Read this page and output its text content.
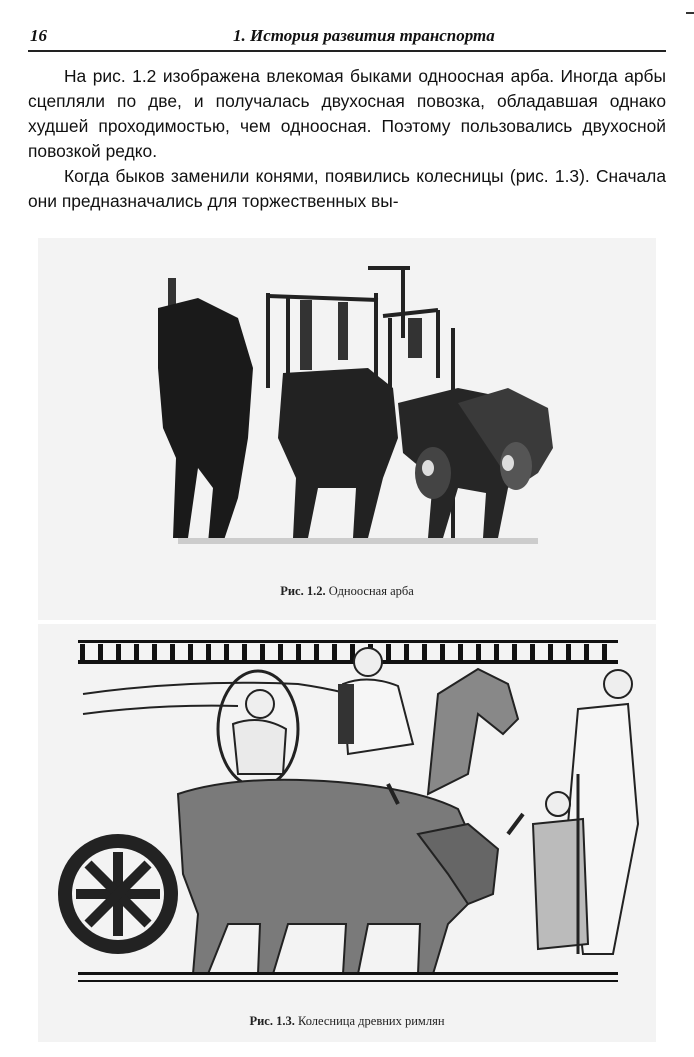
16	1. История развития транспорта

На рис. 1.2 изображена влекомая быками одноосная арба. Иногда арбы сцепляли по две, и получалась двухосная повозка, обладавшая однако худшей проходимостью, чем одноосная. Поэтому пользовались двухосной повозкой редко.

Когда быков заменили конями, появились колесницы (рис. 1.3). Сначала они предназначались для торжественных вы-

Рис. 1.2. Одноосная арба
Рис. 1.3. Колесница древних римлян
